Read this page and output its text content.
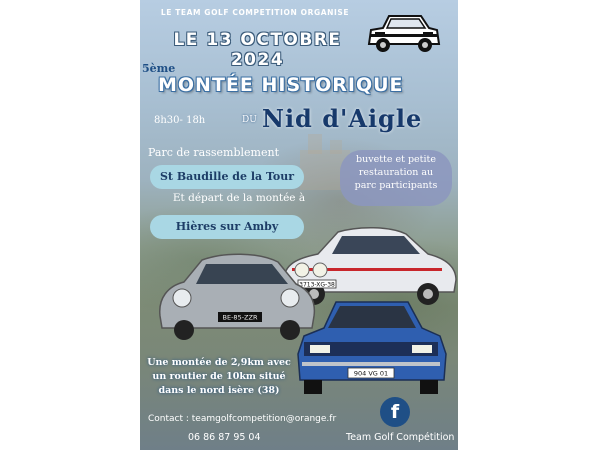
LE TEAM GOLF COMPETITION ORGANISE
LE 13 OCTOBRE 2024
5ème
MONTÉE HISTORIQUE
8h30- 18h	DU Nid d'Aigle
Parc de rassemblement
St Baudille de la Tour
Et départ de la montée à
Hières sur Amby
buvette et petite
restauration au
parc participants
3713-XG-38
BE-85-ZZR
904 VG 01
Une montée de 2,9km avec
un routier de 10km situé
dans le nord isère (38)
Contact : teamgolfcompetition@orange.fr
06 86 87 95 04
f
Team Golf Compétition
